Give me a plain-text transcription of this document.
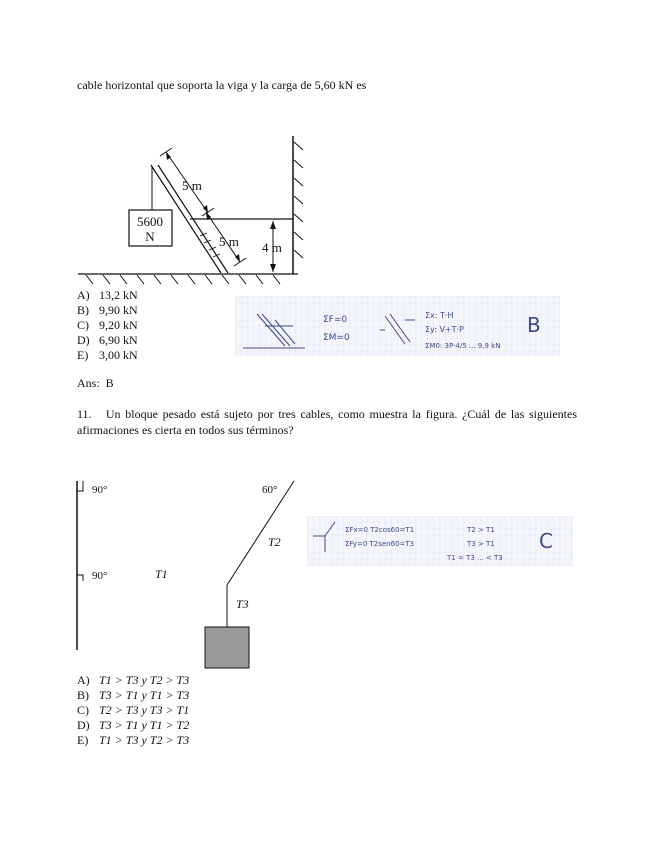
cable horizontal que soporta la viga y la carga de 5,60 kN es
5600
N
5 m
5 m 4 m
A) 13,2 kN
B) 9,90 kN
C) 9,20 kN
D) 6,90 kN
E) 3,00 kN
Ans: B
ΣF=0
ΣM=0
Σx: T·H
Σy: V+T·P
ΣM0: 3P·4/5 ... 9,9 kN
B
11. Un bloque pesado está sujeto por tres cables, como muestra la figura. ¿Cuál de las siguientes afirmaciones es cierta en todos sus términos?
90°
90°
60°
T1
T2
T3
ΣFx=0 T2cos60=T1
ΣFy=0 T2sen60=T3
T2 > T1
T3 > T1
T1 = T3 ... < T3
C
A) T1 > T3 y T2 > T3
B) T3 > T1 y T1 > T3
C) T2 > T3 y T3 > T1
D) T3 > T1 y T1 > T2
E) T1 > T3 y T2 > T3
